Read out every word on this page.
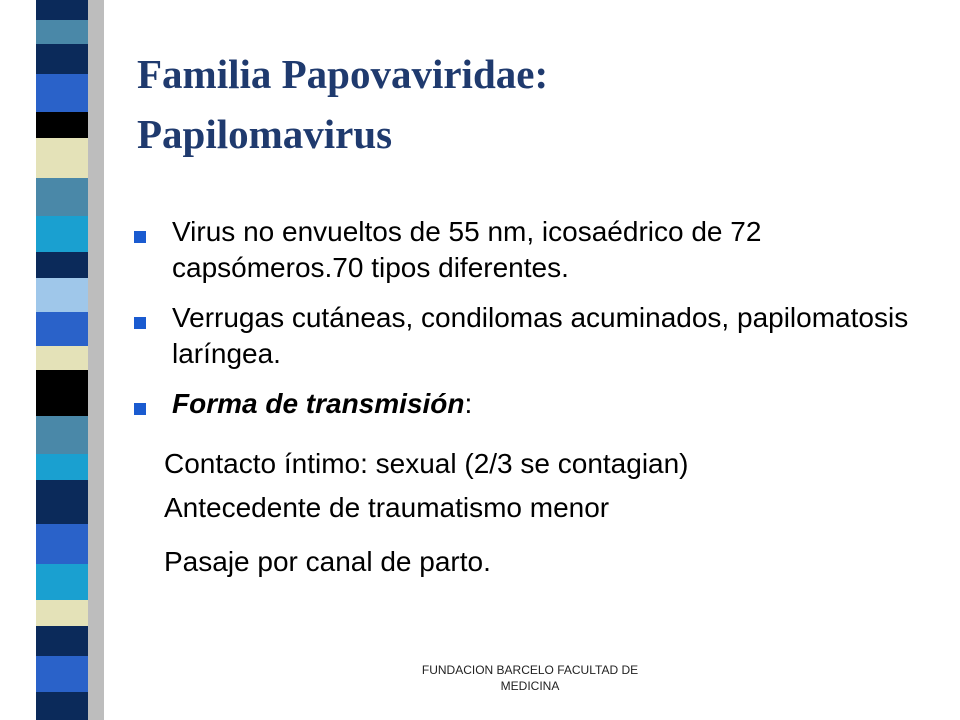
Familia Papovaviridae:
Papilomavirus
Virus no envueltos de 55 nm, icosaédrico de 72 capsómeros.70 tipos diferentes.
Verrugas cutáneas, condilomas acuminados, papilomatosis laríngea.
Forma de transmisión:
Contacto íntimo: sexual (2/3 se contagian)
Antecedente de traumatismo menor
Pasaje por canal de parto.
FUNDACION BARCELO FACULTAD DE
MEDICINA
